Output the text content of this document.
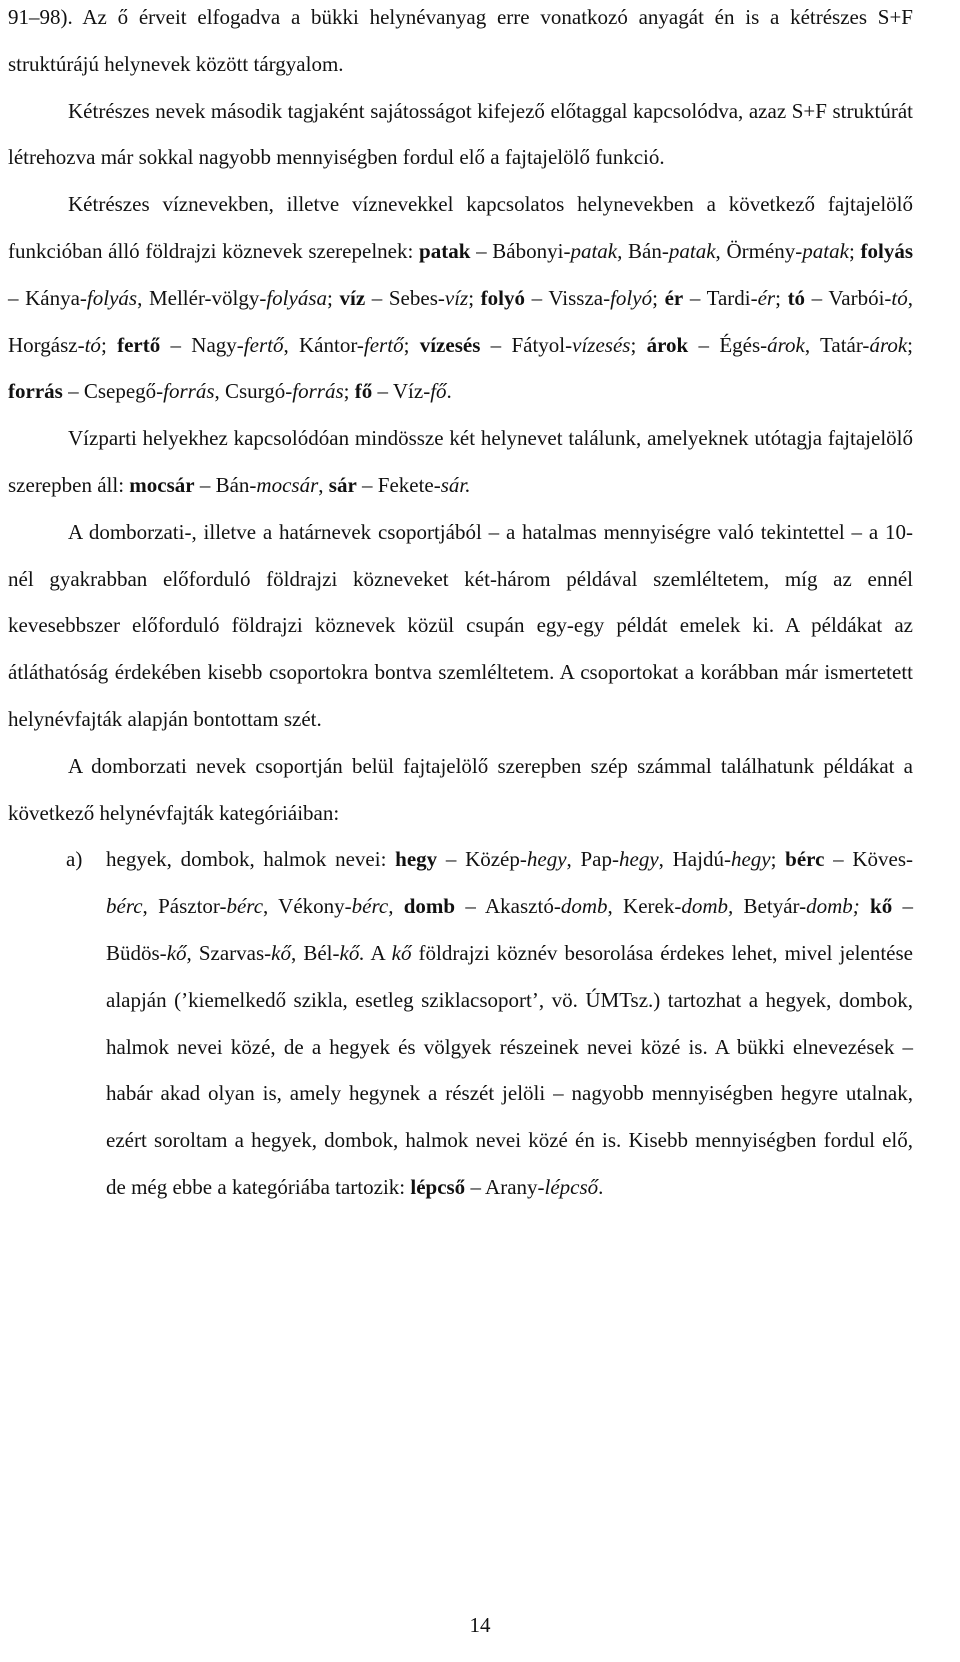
91–98). Az ő érveit elfogadva a bükki helynévanyag erre vonatkozó anyagát én is a kétrészes S+F struktúrájú helynevek között tárgyalom.

Kétrészes nevek második tagjaként sajátosságot kifejező előtaggal kapcsolódva, azaz S+F struktúrát létrehozva már sokkal nagyobb mennyiségben fordul elő a fajtajelölő funkció.

Kétrészes víznevekben, illetve víznevekkel kapcsolatos helynevekben a következő fajtajelölő funkcióban álló földrajzi köznevek szerepelnek: patak – Bábonyi-patak, Bán-patak, Örmény-patak; folyás – Kánya-folyás, Mellér-völgy-folyása; víz – Sebes-víz; folyó – Vissza-folyó; ér – Tardi-ér; tó – Varbói-tó, Horgász-tó; fertő – Nagy-fertő, Kántor-fertő; vízesés – Fátyol-vízesés; árok – Égés-árok, Tatár-árok; forrás – Csepegő-forrás, Csurgó-forrás; fő – Víz-fő.

Vízparti helyekhez kapcsolódóan mindössze két helynevet találunk, amelyeknek utótagja fajtajelölő szerepben áll: mocsár – Bán-mocsár, sár – Fekete-sár.

A domborzati-, illetve a határnevek csoportjából – a hatalmas mennyiségre való tekintettel – a 10-nél gyakrabban előforduló földrajzi közneveket két-három példával szemléltetem, míg az ennél kevesebbszer előforduló földrajzi köznevek közül csupán egy-egy példát emelek ki. A példákat az átláthatóság érdekében kisebb csoportokra bontva szemléltetem. A csoportokat a korábban már ismertetett helynévfajták alapján bontottam szét.

A domborzati nevek csoportján belül fajtajelölő szerepben szép számmal találhatunk példákat a következő helynévfajták kategóriáiban:

a) hegyek, dombok, halmok nevei: hegy – Közép-hegy, Pap-hegy, Hajdú-hegy; bérc – Köves-bérc, Pásztor-bérc, Vékony-bérc, domb – Akasztó-domb, Kerek-domb, Betyár-domb; kő – Büdös-kő, Szarvas-kő, Bél-kő. A kő földrajzi köznév besorolása érdekes lehet, mivel jelentése alapján (’kiemelkedő szikla, esetleg sziklacsoport’, vö. ÚMTsz.) tartozhat a hegyek, dombok, halmok nevei közé, de a hegyek és völgyek részeinek nevei közé is. A bükki elnevezések – habár akad olyan is, amely hegynek a részét jelöli – nagyobb mennyiségben hegyre utalnak, ezért soroltam a hegyek, dombok, halmok nevei közé én is. Kisebb mennyiségben fordul elő, de még ebbe a kategóriába tartozik: lépcső – Arany-lépcső.

14
